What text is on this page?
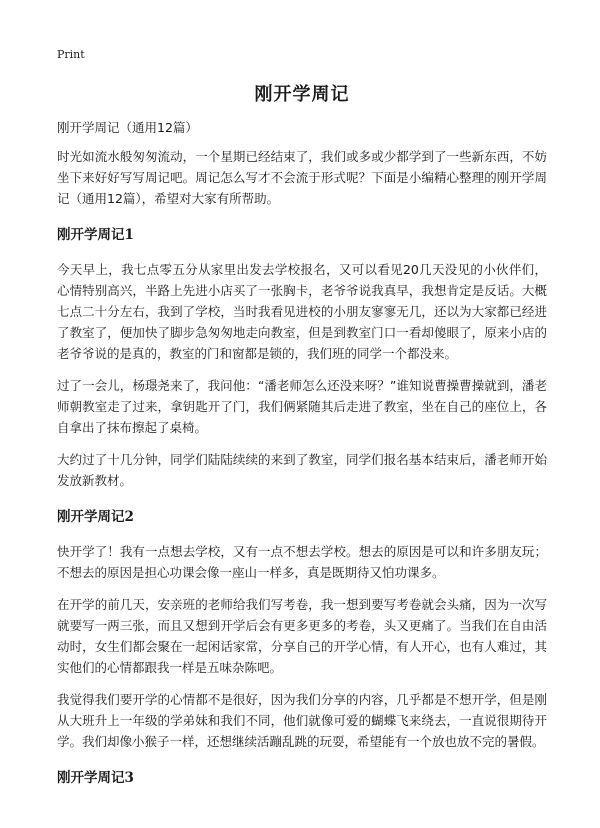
Print
刚开学周记
刚开学周记（通用12篇）

时光如流水般匆匆流动，一个星期已经结束了，我们或多或少都学到了一些新东西，不妨坐下来好好写写周记吧。周记怎么写才不会流于形式呢？下面是小编精心整理的刚开学周记（通用12篇），希望对大家有所帮助。

刚开学周记1

今天早上，我七点零五分从家里出发去学校报名，又可以看见20几天没见的小伙伴们，心情特别高兴，半路上先进小店买了一张胸卡，老爷爷说我真早，我想肯定是反话。大概七点二十分左右，我到了学校，当时我看见进校的小朋友寥寥无几，还以为大家都已经进了教室了，便加快了脚步急匆匆地走向教室，但是到教室门口一看却傻眼了，原来小店的老爷爷说的是真的，教室的门和窗都是锁的，我们班的同学一个都没来。

过了一会儿，杨璟尧来了，我问他：“潘老师怎么还没来呀？”谁知说曹操曹操就到，潘老师朝教室走了过来，拿钥匙开了门，我们俩紧随其后走进了教室，坐在自己的座位上，各自拿出了抹布擦起了桌椅。

大约过了十几分钟，同学们陆陆续续的来到了教室，同学们报名基本结束后，潘老师开始发放新教材。

刚开学周记2

快开学了！我有一点想去学校，又有一点不想去学校。想去的原因是可以和许多朋友玩；不想去的原因是担心功课会像一座山一样多，真是既期待又怕功课多。

在开学的前几天，安亲班的老师给我们写考卷，我一想到要写考卷就会头痛，因为一次写就要写一两三张，而且又想到开学后会有更多更多的考卷，头又更痛了。当我们在自由活动时，女生们都会聚在一起闲话家常，分享自己的开学心情，有人开心，也有人难过，其实他们的心情都跟我一样是五味杂陈吧。

我觉得我们要开学的心情都不是很好，因为我们分享的内容，几乎都是不想开学，但是刚从大班升上一年级的学弟妹和我们不同，他们就像可爱的蝴蝶飞来绕去，一直说很期待开学。我们却像小猴子一样，还想继续活蹦乱跳的玩耍，希望能有一个放也放不完的暑假。

刚开学周记3
